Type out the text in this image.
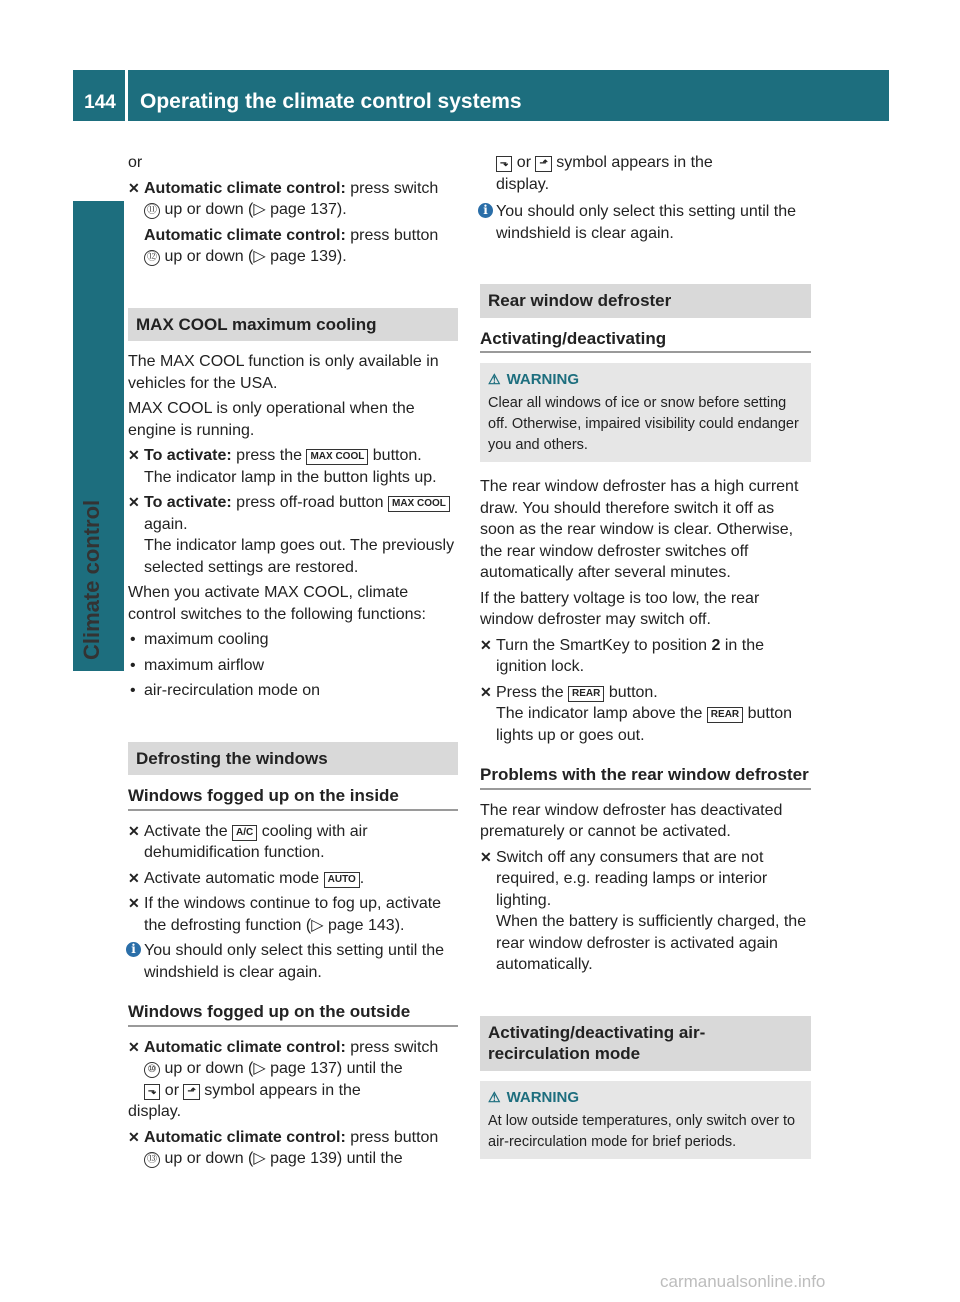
144	Operating the climate control systems
Climate control

or

✕ Automatic climate control: press switch
⑪ up or down (▷ page 137).
Automatic climate control: press button
⑫ up or down (▷ page 139).
MAX COOL maximum cooling

The MAX COOL function is only available in vehicles for the USA.

MAX COOL is only operational when the engine is running.

✕ To activate: press the MAX COOL button.
The indicator lamp in the button lights up.
✕ To activate: press off-road button MAX COOL
again.
The indicator lamp goes out. The previously selected settings are restored.

When you activate MAX COOL, climate control switches to the following functions:

• maximum cooling
• maximum airflow
• air-recirculation mode on
Defrosting the windows
Windows fogged up on the inside
✕ Activate the A/C cooling with air dehumidification function.
✕ Activate automatic mode AUTO .
✕ If the windows continue to fog up, activate the defrosting function (▷ page 143).
i You should only select this setting until the windshield is clear again.
Windows fogged up on the outside
✕ Automatic climate control: press switch
⑩ up or down (▷ page 137) until the
⬎ or ⬏ symbol appears in the
display.
✕ Automatic climate control: press button
⑬ up or down (▷ page 139) until the
⬎ or ⬏ symbol appears in the
display.
i You should only select this setting until the windshield is clear again.
Rear window defroster
Activating/deactivating
⚠ WARNING
Clear all windows of ice or snow before setting off. Otherwise, impaired visibility could endanger you and others.

The rear window defroster has a high current draw. You should therefore switch it off as soon as the rear window is clear. Otherwise, the rear window defroster switches off automatically after several minutes.

If the battery voltage is too low, the rear window defroster may switch off.

✕ Turn the SmartKey to position 2 in the ignition lock.
✕ Press the REAR button.
The indicator lamp above the REAR button lights up or goes out.
Problems with the rear window defroster

The rear window defroster has deactivated prematurely or cannot be activated.

✕ Switch off any consumers that are not required, e.g. reading lamps or interior lighting.
When the battery is sufficiently charged, the rear window defroster is activated again automatically.
Activating/deactivating air-recirculation mode
⚠ WARNING
At low outside temperatures, only switch over to air-recirculation mode for brief periods.
carmanualsonline.info
